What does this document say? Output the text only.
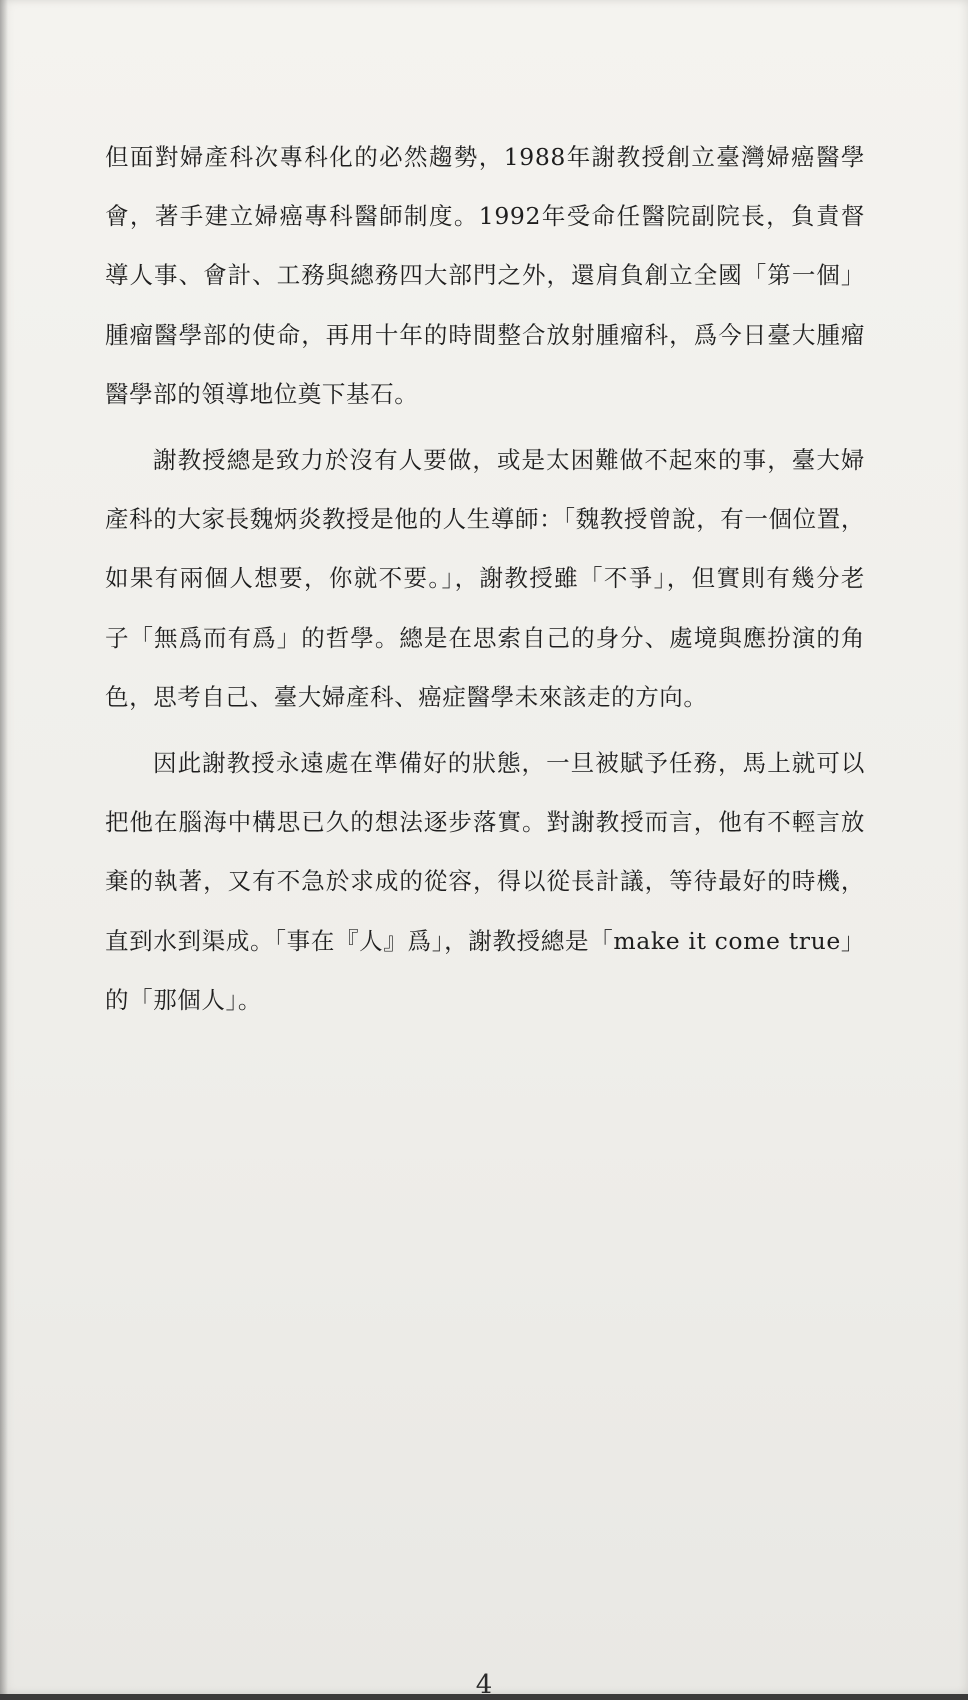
但面對婦產科次專科化的必然趨勢，1988年謝教授創立臺灣婦癌醫學會，著手建立婦癌專科醫師制度。1992年受命任醫院副院長，負責督導人事、會計、工務與總務四大部門之外，還肩負創立全國「第一個」腫瘤醫學部的使命，再用十年的時間整合放射腫瘤科，爲今日臺大腫瘤醫學部的領導地位奠下基石。

謝教授總是致力於沒有人要做，或是太困難做不起來的事，臺大婦產科的大家長魏炳炎教授是他的人生導師：「魏教授曾說，有一個位置，如果有兩個人想要，你就不要。」，謝教授雖「不爭」，但實則有幾分老子「無爲而有爲」的哲學。總是在思索自己的身分、處境與應扮演的角色，思考自己、臺大婦產科、癌症醫學未來該走的方向。

因此謝教授永遠處在準備好的狀態，一旦被賦予任務，馬上就可以把他在腦海中構思已久的想法逐步落實。對謝教授而言，他有不輕言放棄的執著，又有不急於求成的從容，得以從長計議，等待最好的時機，直到水到渠成。「事在『人』爲」，謝教授總是「make it come true」的「那個人」。

4
